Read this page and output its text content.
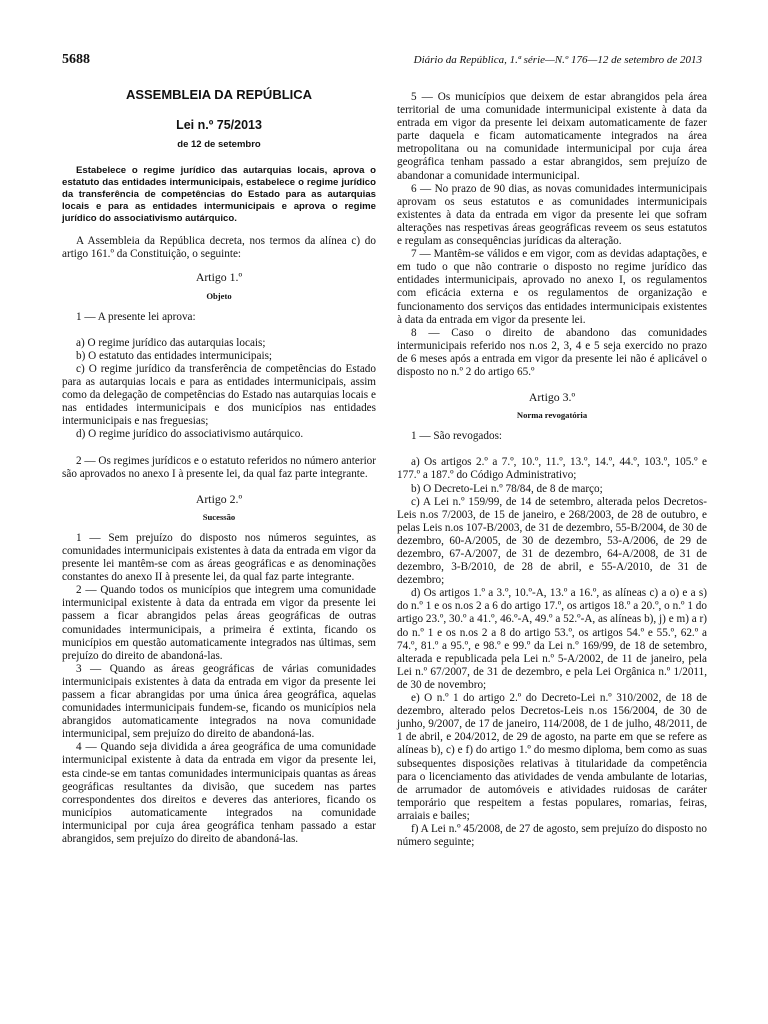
5688	Diário da República, 1.ª série—N.º 176—12 de setembro de 2013

ASSEMBLEIA DA REPÚBLICA

Lei n.º 75/2013

de 12 de setembro

Estabelece o regime jurídico das autarquias locais, aprova o estatuto das entidades intermunicipais, estabelece o regime jurídico da transferência de competências do Estado para as autarquias locais e para as entidades intermunicipais e aprova o regime jurídico do associativismo autárquico.

A Assembleia da República decreta, nos termos da alínea c) do artigo 161.º da Constituição, o seguinte:

Artigo 1.º

Objeto

1 — A presente lei aprova:

a) O regime jurídico das autarquias locais;

b) O estatuto das entidades intermunicipais;

c) O regime jurídico da transferência de competências do Estado para as autarquias locais e para as entidades intermunicipais, assim como da delegação de competências do Estado nas autarquias locais e nas entidades intermunicipais e dos municípios nas entidades intermunicipais e nas freguesias;

d) O regime jurídico do associativismo autárquico.

2 — Os regimes jurídicos e o estatuto referidos no número anterior são aprovados no anexo I à presente lei, da qual faz parte integrante.

Artigo 2.º

Sucessão

1 — Sem prejuízo do disposto nos números seguintes, as comunidades intermunicipais existentes à data da entrada em vigor da presente lei mantêm-se com as áreas geográficas e as denominações constantes do anexo II à presente lei, da qual faz parte integrante.

2 — Quando todos os municípios que integrem uma comunidade intermunicipal existente à data da entrada em vigor da presente lei passem a ficar abrangidos pelas áreas geográficas de outras comunidades intermunicipais, a primeira é extinta, ficando os municípios em questão automaticamente integrados nas últimas, sem prejuízo do direito de abandoná-las.

3 — Quando as áreas geográficas de várias comunidades intermunicipais existentes à data da entrada em vigor da presente lei passem a ficar abrangidas por uma única área geográfica, aquelas comunidades intermunicipais fundem-se, ficando os municípios nela abrangidos automaticamente integrados na nova comunidade intermunicipal, sem prejuízo do direito de abandoná-las.

4 — Quando seja dividida a área geográfica de uma comunidade intermunicipal existente à data da entrada em vigor da presente lei, esta cinde-se em tantas comunidades intermunicipais quantas as áreas geográficas resultantes da divisão, que sucedem nas partes correspondentes dos direitos e deveres das anteriores, ficando os municípios automaticamente integrados na comunidade intermunicipal por cuja área geográfica tenham passado a estar abrangidos, sem prejuízo do direito de abandoná-las.

5 — Os municípios que deixem de estar abrangidos pela área territorial de uma comunidade intermunicipal existente à data da entrada em vigor da presente lei deixam automaticamente de fazer parte daquela e ficam automaticamente integrados na área metropolitana ou na comunidade intermunicipal por cuja área geográfica tenham passado a estar abrangidos, sem prejuízo de abandonar a comunidade intermunicipal.

6 — No prazo de 90 dias, as novas comunidades intermunicipais aprovam os seus estatutos e as comunidades intermunicipais existentes à data da entrada em vigor da presente lei que sofram alterações nas respetivas áreas geográficas reveem os seus estatutos e regulam as consequências jurídicas da alteração.

7 — Mantêm-se válidos e em vigor, com as devidas adaptações, e em tudo o que não contrarie o disposto no regime jurídico das entidades intermunicipais, aprovado no anexo I, os regulamentos com eficácia externa e os regulamentos de organização e funcionamento dos serviços das entidades intermunicipais existentes à data da entrada em vigor da presente lei.

8 — Caso o direito de abandono das comunidades intermunicipais referido nos n.os 2, 3, 4 e 5 seja exercido no prazo de 6 meses após a entrada em vigor da presente lei não é aplicável o disposto no n.º 2 do artigo 65.º

Artigo 3.º

Norma revogatória

1 — São revogados:

a) Os artigos 2.º a 7.º, 10.º, 11.º, 13.º, 14.º, 44.º, 103.º, 105.º e 177.º a 187.º do Código Administrativo;

b) O Decreto-Lei n.º 78/84, de 8 de março;

c) A Lei n.º 159/99, de 14 de setembro, alterada pelos Decretos-Leis n.os 7/2003, de 15 de janeiro, e 268/2003, de 28 de outubro, e pelas Leis n.os 107-B/2003, de 31 de dezembro, 55-B/2004, de 30 de dezembro, 60-A/2005, de 30 de dezembro, 53-A/2006, de 29 de dezembro, 67-A/2007, de 31 de dezembro, 64-A/2008, de 31 de dezembro, 3-B/2010, de 28 de abril, e 55-A/2010, de 31 de dezembro;

d) Os artigos 1.º a 3.º, 10.º-A, 13.º a 16.º, as alíneas c) a o) e a s) do n.º 1 e os n.os 2 a 6 do artigo 17.º, os artigos 18.º a 20.º, o n.º 1 do artigo 23.º, 30.º a 41.º, 46.º-A, 49.º a 52.º-A, as alíneas b), j) e m) a r) do n.º 1 e os n.os 2 a 8 do artigo 53.º, os artigos 54.º e 55.º, 62.º a 74.º, 81.º a 95.º, e 98.º e 99.º da Lei n.º 169/99, de 18 de setembro, alterada e republicada pela Lei n.º 5-A/2002, de 11 de janeiro, pela Lei n.º 67/2007, de 31 de dezembro, e pela Lei Orgânica n.º 1/2011, de 30 de novembro;

e) O n.º 1 do artigo 2.º do Decreto-Lei n.º 310/2002, de 18 de dezembro, alterado pelos Decretos-Leis n.os 156/2004, de 30 de junho, 9/2007, de 17 de janeiro, 114/2008, de 1 de julho, 48/2011, de 1 de abril, e 204/2012, de 29 de agosto, na parte em que se refere as alíneas b), c) e f) do artigo 1.º do mesmo diploma, bem como as suas subsequentes disposições relativas à titularidade da competência para o licenciamento das atividades de venda ambulante de lotarias, de arrumador de automóveis e atividades ruidosas de caráter temporário que respeitem a festas populares, romarias, feiras, arraiais e bailes;

f) A Lei n.º 45/2008, de 27 de agosto, sem prejuízo do disposto no número seguinte;
